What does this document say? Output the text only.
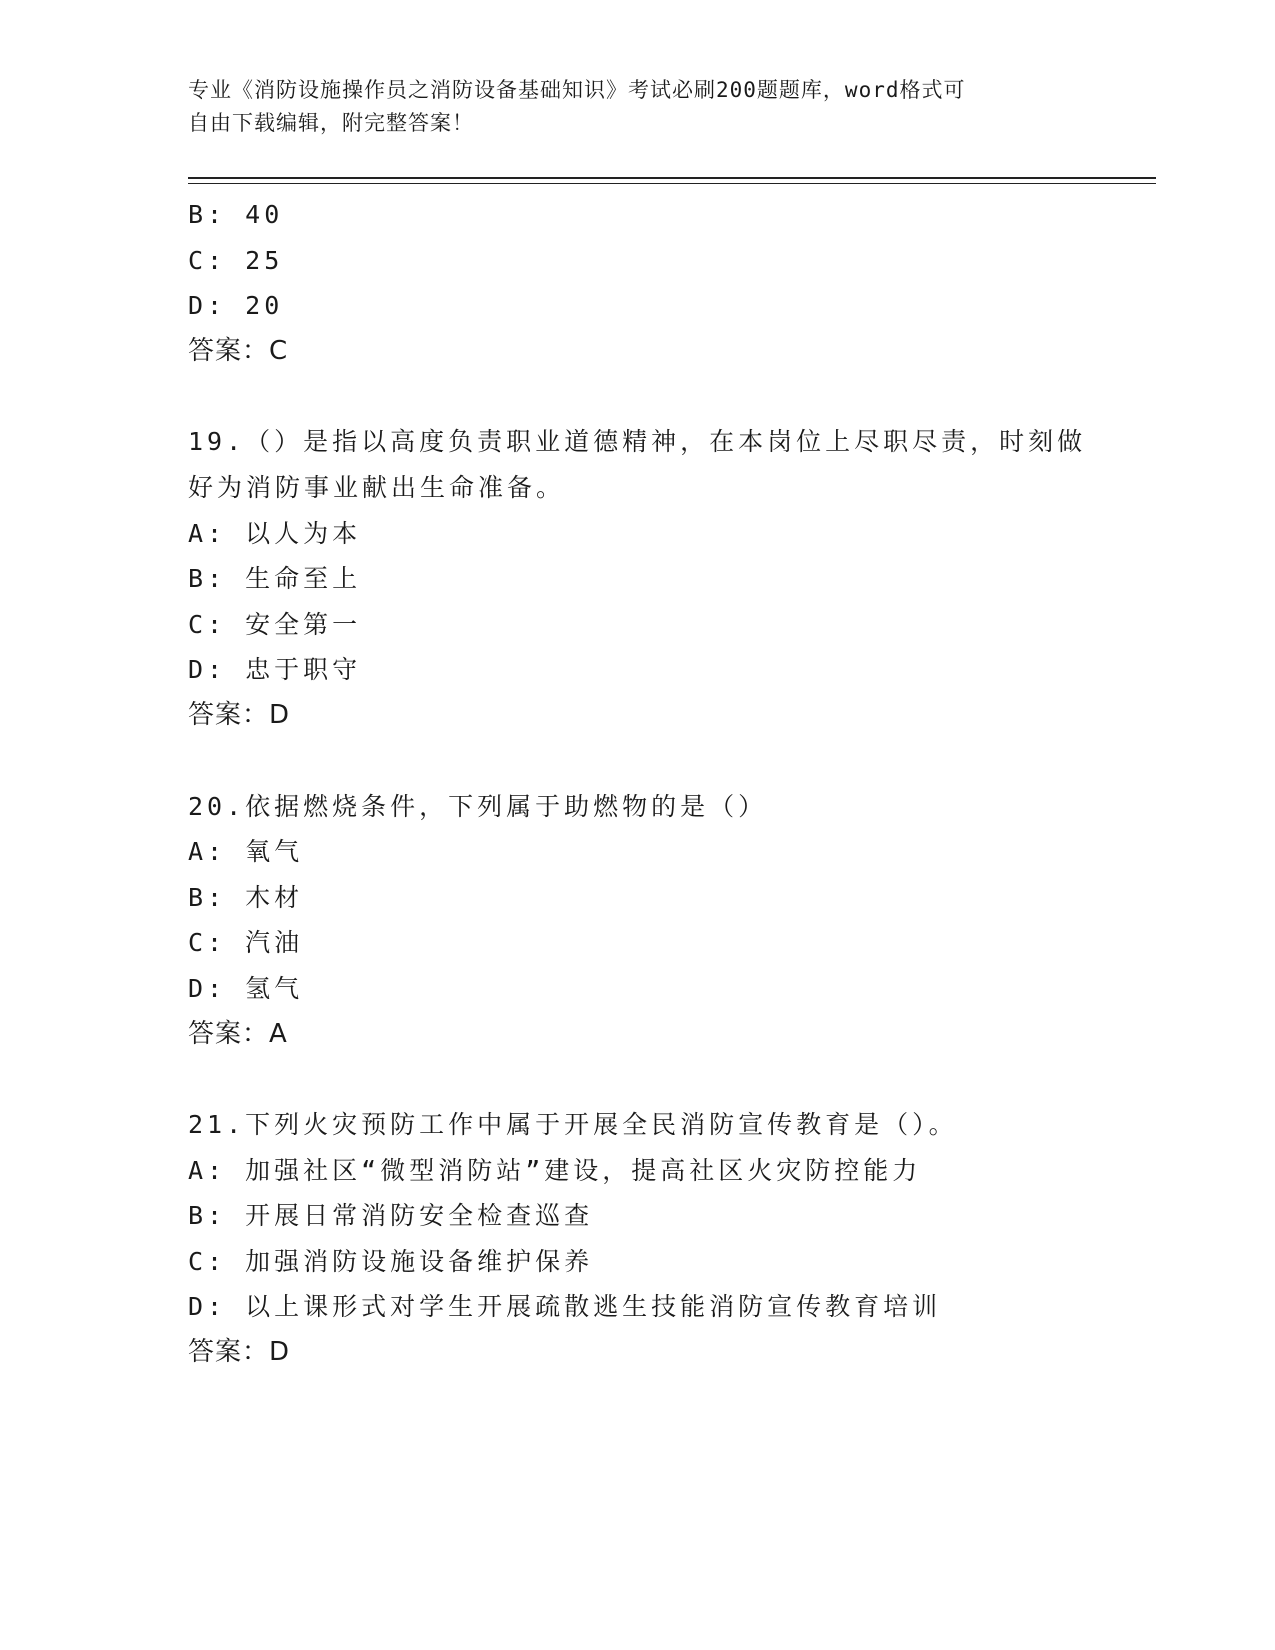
专业《消防设施操作员之消防设备基础知识》考试必刷200题题库，word格式可
自由下载编辑，附完整答案！
B: 40
C: 25
D: 20
答案：C
19.（）是指以高度负责职业道德精神，在本岗位上尽职尽责，时刻做
好为消防事业献出生命准备。
A: 以人为本
B: 生命至上
C: 安全第一
D: 忠于职守
答案：D
20.依据燃烧条件，下列属于助燃物的是（）
A: 氧气
B: 木材
C: 汽油
D: 氢气
答案：A
21.下列火灾预防工作中属于开展全民消防宣传教育是（）。
A: 加强社区“微型消防站”建设，提高社区火灾防控能力
B: 开展日常消防安全检查巡查
C: 加强消防设施设备维护保养
D: 以上课形式对学生开展疏散逃生技能消防宣传教育培训
答案：D
